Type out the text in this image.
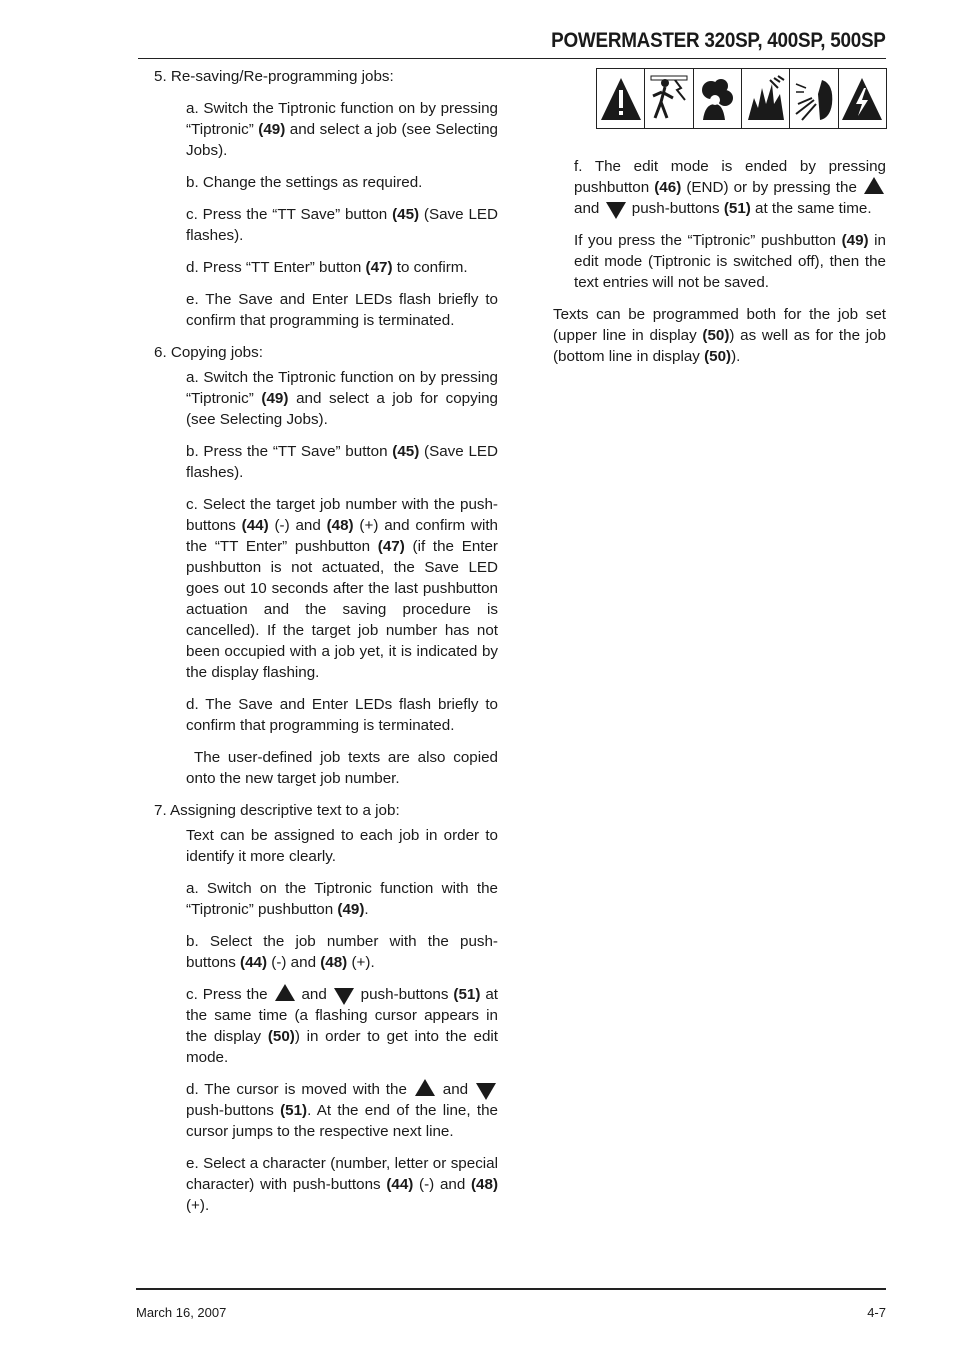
POWERMASTER 320SP, 400SP, 500SP

5. Re-saving/Re-programming jobs:

a. Switch the Tiptronic function on by pressing “Tiptronic” (49) and select a job (see Selecting Jobs).

b. Change the settings as required.

c. Press the “TT Save” button (45) (Save LED flashes).

d. Press “TT Enter” button (47) to confirm.

e. The Save and Enter LEDs flash briefly to confirm that programming is terminated.

6. Copying jobs:

a. Switch the Tiptronic function on by pressing “Tiptronic” (49) and select a job for copying (see Selecting Jobs).

b. Press the “TT Save” button (45) (Save LED flashes).

c. Select the target job number with the push-buttons (44) (-) and (48) (+) and confirm with the “TT Enter” pushbutton (47) (if the Enter pushbutton is not actuated, the Save LED goes out 10 seconds after the last pushbutton actuation and the saving procedure is cancelled). If the target job number has not been occupied with a job yet, it is indicated by the display flashing.

d. The Save and Enter LEDs flash briefly to confirm that programming is terminated.

The user-defined job texts are also copied onto the new target job number.

7. Assigning descriptive text to a job:

Text can be assigned to each job in order to identify it more clearly.

a. Switch on the Tiptronic function with the “Tiptronic” pushbutton (49).

b. Select the job number with the push-buttons (44) (-) and (48) (+).

c. Press the  and  push-buttons (51) at the same time (a flashing cursor appears in the display (50)) in order to get into the edit mode.

d. The cursor is moved with the  and  push-buttons (51). At the end of the line, the cursor jumps to the respective next line.

e. Select a character (number, letter or special character) with push-buttons (44) (-) and (48) (+).

f. The edit mode is ended by pressing pushbutton (46) (END) or by pressing the  and  push-buttons (51) at the same time.

If you press the “Tiptronic” pushbutton (49) in edit mode (Tiptronic is switched off), then the text entries will not be saved.

Texts can be programmed both for the job set (upper line in display (50)) as well as for the job (bottom line in display (50)).

March 16, 2007	4-7
